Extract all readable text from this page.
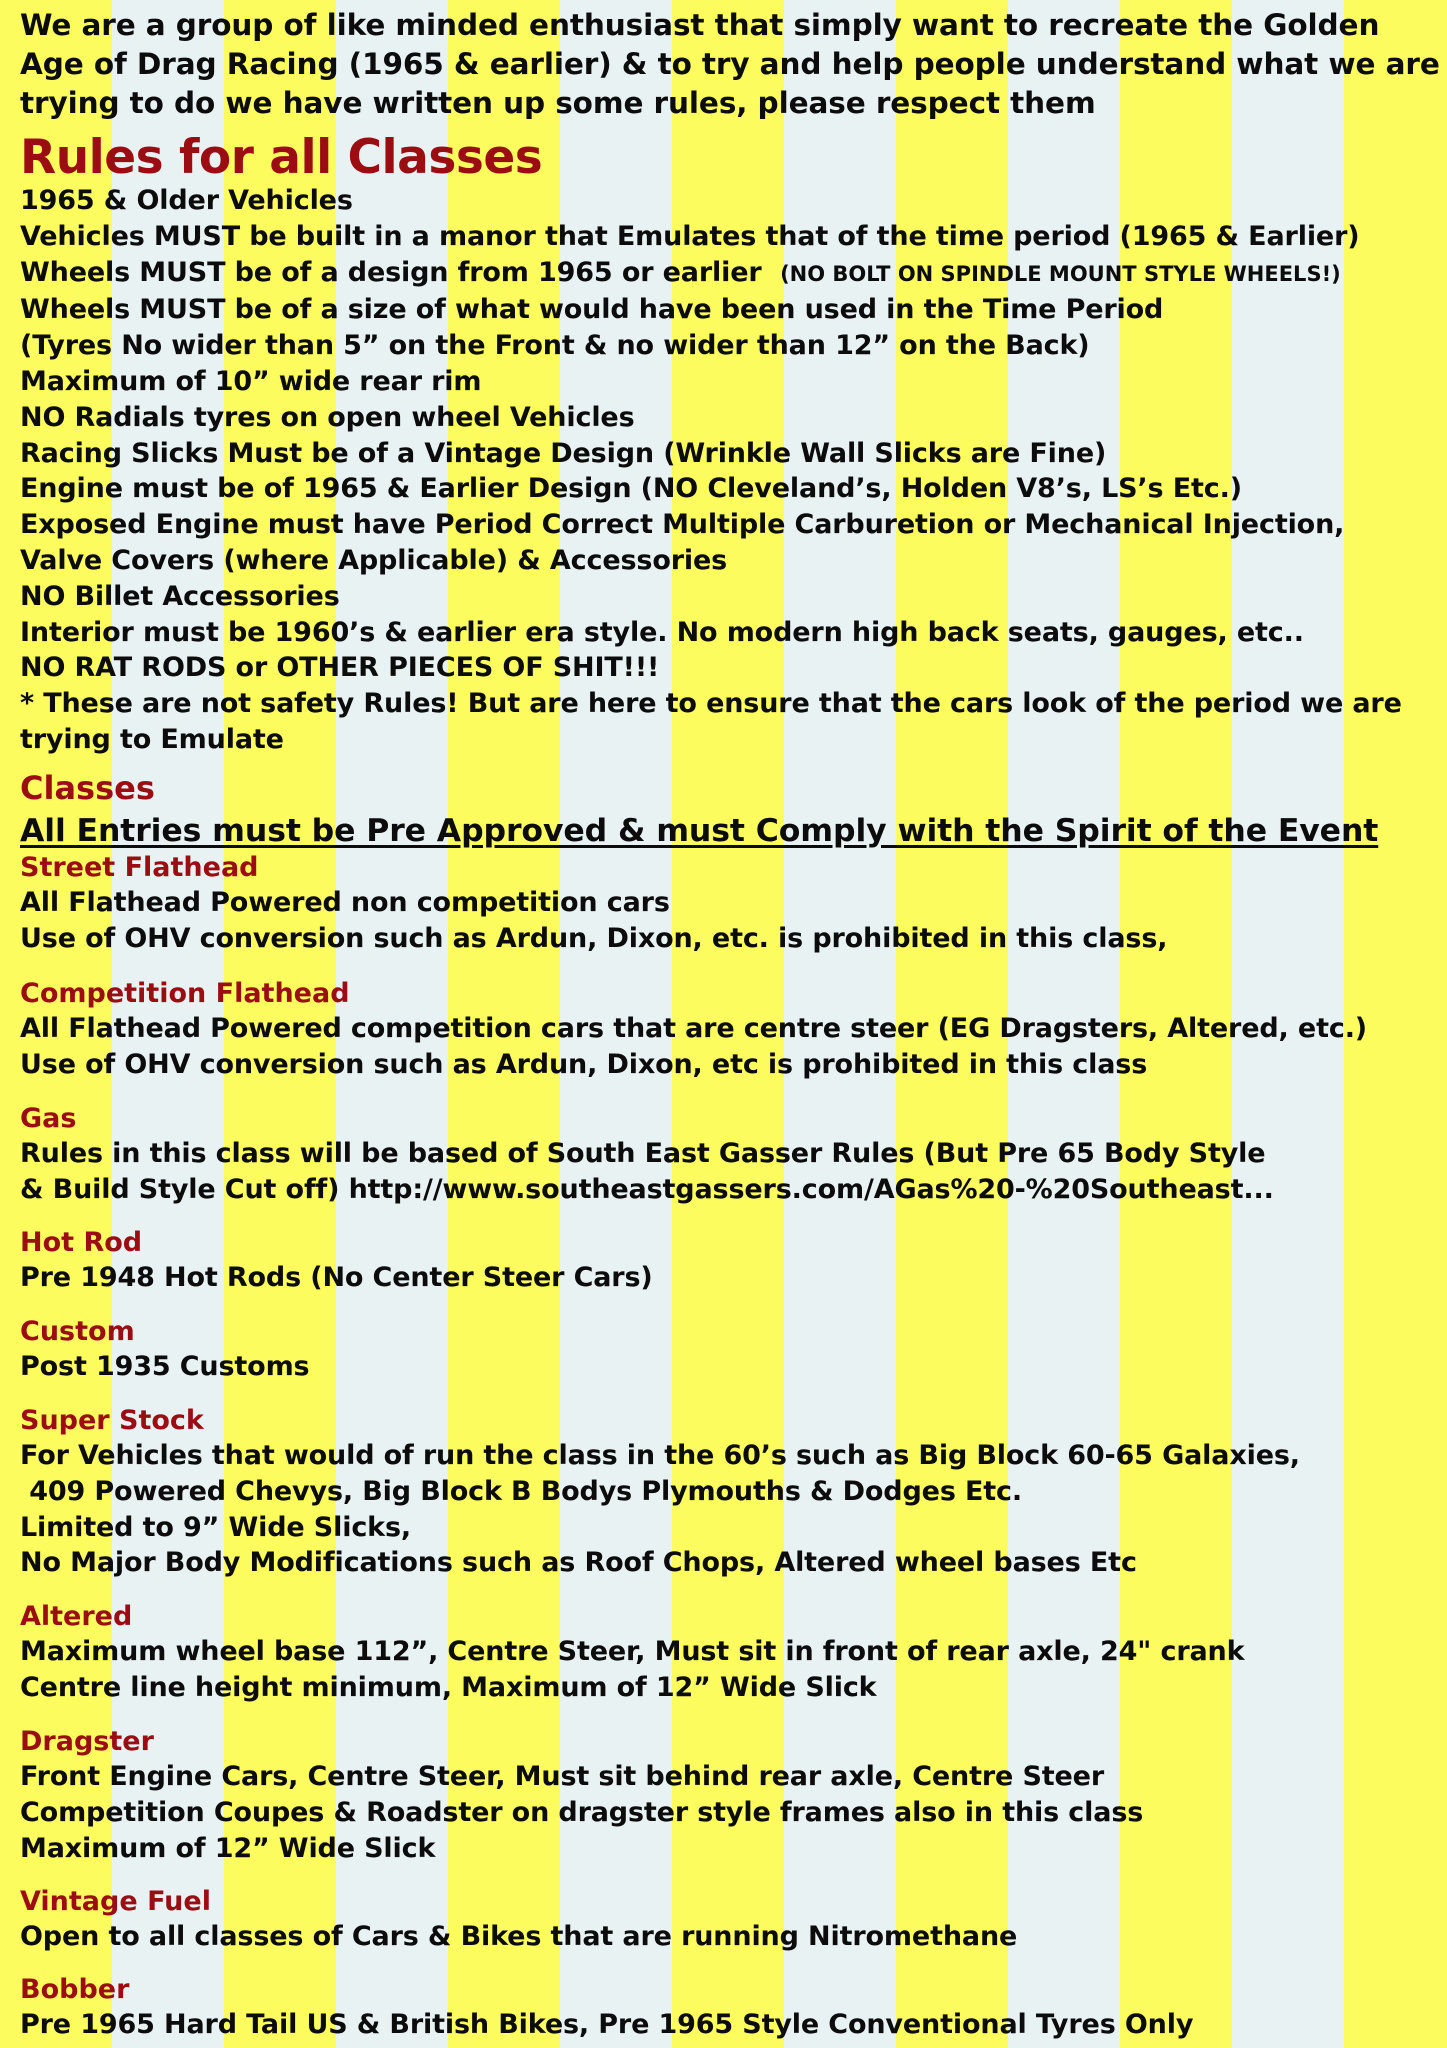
We are a group of like minded enthusiast that simply want to recreate the Golden Age of Drag Racing (1965 & earlier) & to try and help people understand what we are trying to do we have written up some rules, please respect them
Rules for all Classes
1965 & Older Vehicles
Vehicles MUST be built in a manor that Emulates that of the time period (1965 & Earlier)
Wheels MUST be of a design from 1965 or earlier (NO BOLT ON SPINDLE MOUNT STYLE WHEELS!)
Wheels MUST be of a size of what would have been used in the Time Period
(Tyres No wider than 5” on the Front & no wider than 12” on the Back)
Maximum of 10” wide rear rim
NO Radials tyres on open wheel Vehicles
Racing Slicks Must be of a Vintage Design (Wrinkle Wall Slicks are Fine)
Engine must be of 1965 & Earlier Design (NO Cleveland’s, Holden V8’s, LS’s Etc.)
Exposed Engine must have Period Correct Multiple Carburetion or Mechanical Injection,
Valve Covers (where Applicable) & Accessories
NO Billet Accessories
Interior must be 1960’s & earlier era style. No modern high back seats, gauges, etc..
NO RAT RODS or OTHER PIECES OF SHIT!!!
* These are not safety Rules! But are here to ensure that the cars look of the period we are
trying to Emulate
Classes
All Entries must be Pre Approved & must Comply with the Spirit of the Event
Street Flathead
All Flathead Powered non competition cars
Use of OHV conversion such as Ardun, Dixon, etc. is prohibited in this class,
Competition Flathead
All Flathead Powered competition cars that are centre steer (EG Dragsters, Altered, etc.)
Use of OHV conversion such as Ardun, Dixon, etc is prohibited in this class
Gas
Rules in this class will be based of South East Gasser Rules (But Pre 65 Body Style
& Build Style Cut off) http://www.southeastgassers.com/AGas%20-%20Southeast...
Hot Rod
Pre 1948 Hot Rods (No Center Steer Cars)
Custom
Post 1935 Customs
Super Stock
For Vehicles that would of run the class in the 60’s such as Big Block 60-65 Galaxies,
409 Powered Chevys, Big Block B Bodys Plymouths & Dodges Etc.
Limited to 9” Wide Slicks,
No Major Body Modifications such as Roof Chops, Altered wheel bases Etc
Altered
Maximum wheel base 112”, Centre Steer, Must sit in front of rear axle, 24" crank
Centre line height minimum, Maximum of 12” Wide Slick
Dragster
Front Engine Cars, Centre Steer, Must sit behind rear axle, Centre Steer
Competition Coupes & Roadster on dragster style frames also in this class
Maximum of 12” Wide Slick
Vintage Fuel
Open to all classes of Cars & Bikes that are running Nitromethane
Bobber
Pre 1965 Hard Tail US & British Bikes, Pre 1965 Style Conventional Tyres Only
